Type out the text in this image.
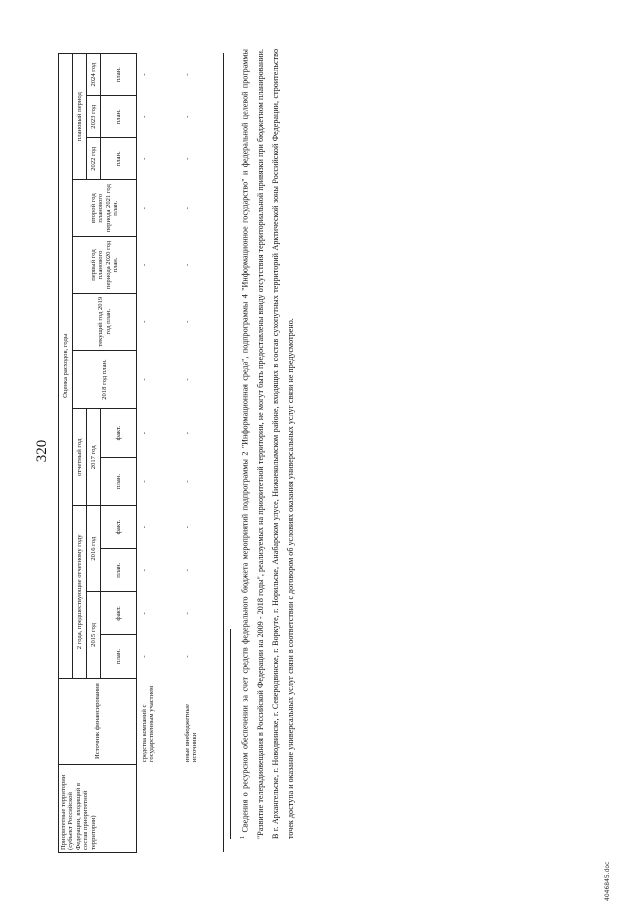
320
Приоритетные территории (субъект Российской Федерации, входящий в состав приоритетной территории)	Источник финансирования	Оценка расходов, годы												
		2 года, предшествующие отчетному году				отчетный год		2018 год план.	текущий год 2019 год план.	первый год планового периода 2020 год план.	второй год планового периода 2021 год план.	плановый период		
		2015 год		2016 год		2017 год						2022 год	2023 год	2024 год
		план.	факт.	план.	факт.	план.	факт.					план.	план.	план.
	средства компаний с государственным участием	-	-	-	-	-	-	-	-	-	-	-	-	-
	иные внебюджетные источники	-	-	-	-	-	-	-	-	-	-	-	-	-
$^1$ Сведения о ресурсном обеспечении за счет средств федерального бюджета мероприятий подпрограммы 2 "Информационная среда", подпрограммы 4 "Информационное государство" и федеральной целевой программы "Развитие телерадиовещания в Российской Федерации на 2009 - 2018 годы", реализуемых на приоритетной территории, не могут быть предоставлены ввиду отсутствия территориальной привязки при бюджетном планировании. В г. Архангельске, г. Новодвинске, г. Северодвинске, г. Воркуте, г. Норильске, Анабарском улусе, Нижнеколымском районе, входящих в состав сухопутных территорий Арктической зоны Российской Федерации, строительство точек доступа и оказание универсальных услуг связи в соответствии с договором об условиях оказания универсальных услуг связи не предусмотрено.
4046845.doc
